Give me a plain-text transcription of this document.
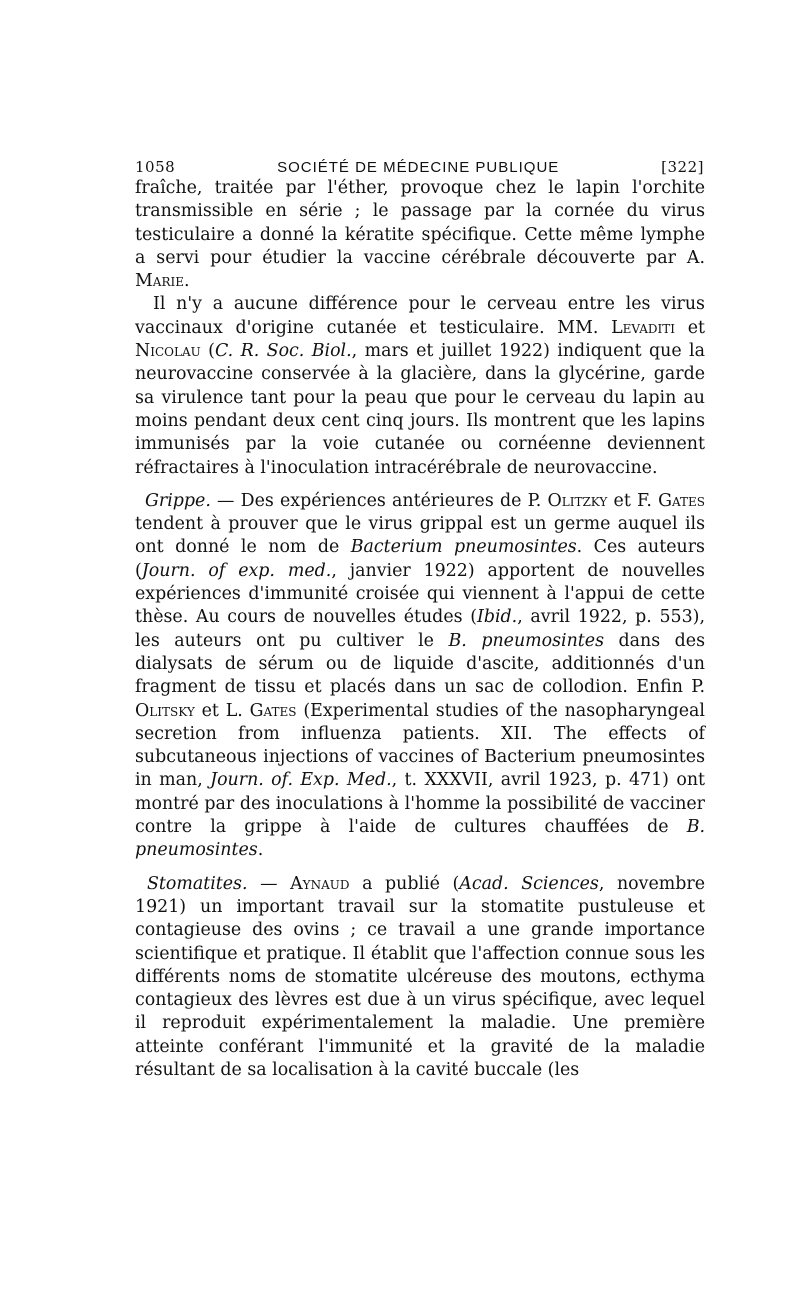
1058	SOCIÉTÉ DE MÉDECINE PUBLIQUE	[322]

fraîche, traitée par l'éther, provoque chez le lapin l'orchite transmissible en série ; le passage par la cornée du virus testiculaire a donné la kératite spécifique. Cette même lymphe a servi pour étudier la vaccine cérébrale découverte par A. Marie.

Il n'y a aucune différence pour le cerveau entre les virus vaccinaux d'origine cutanée et testiculaire. MM. Levaditi et Nicolau (C. R. Soc. Biol., mars et juillet 1922) indiquent que la neurovaccine conservée à la glacière, dans la glycérine, garde sa virulence tant pour la peau que pour le cerveau du lapin au moins pendant deux cent cinq jours. Ils montrent que les lapins immunisés par la voie cutanée ou cornéenne deviennent réfractaires à l'inoculation intracérébrale de neurovaccine.

Grippe. — Des expériences antérieures de P. Olitzky et F. Gates tendent à prouver que le virus grippal est un germe auquel ils ont donné le nom de Bacterium pneumosintes. Ces auteurs (Journ. of exp. med., janvier 1922) apportent de nouvelles expériences d'immunité croisée qui viennent à l'appui de cette thèse. Au cours de nouvelles études (Ibid., avril 1922, p. 553), les auteurs ont pu cultiver le B. pneumosintes dans des dialysats de sérum ou de liquide d'ascite, additionnés d'un fragment de tissu et placés dans un sac de collodion. Enfin P. Olitsky et L. Gates (Experimental studies of the nasopharyngeal secretion from influenza patients. XII. The effects of subcutaneous injections of vaccines of Bacterium pneumosintes in man, Journ. of. Exp. Med., t. XXXVII, avril 1923, p. 471) ont montré par des inoculations à l'homme la possibilité de vacciner contre la grippe à l'aide de cultures chauffées de B. pneumosintes.

Stomatites. — Aynaud a publié (Acad. Sciences, novembre 1921) un important travail sur la stomatite pustuleuse et contagieuse des ovins ; ce travail a une grande importance scientifique et pratique. Il établit que l'affection connue sous les différents noms de stomatite ulcéreuse des moutons, ecthyma contagieux des lèvres est due à un virus spécifique, avec lequel il reproduit expérimentalement la maladie. Une première atteinte conférant l'immunité et la gravité de la maladie résultant de sa localisation à la cavité buccale (les
